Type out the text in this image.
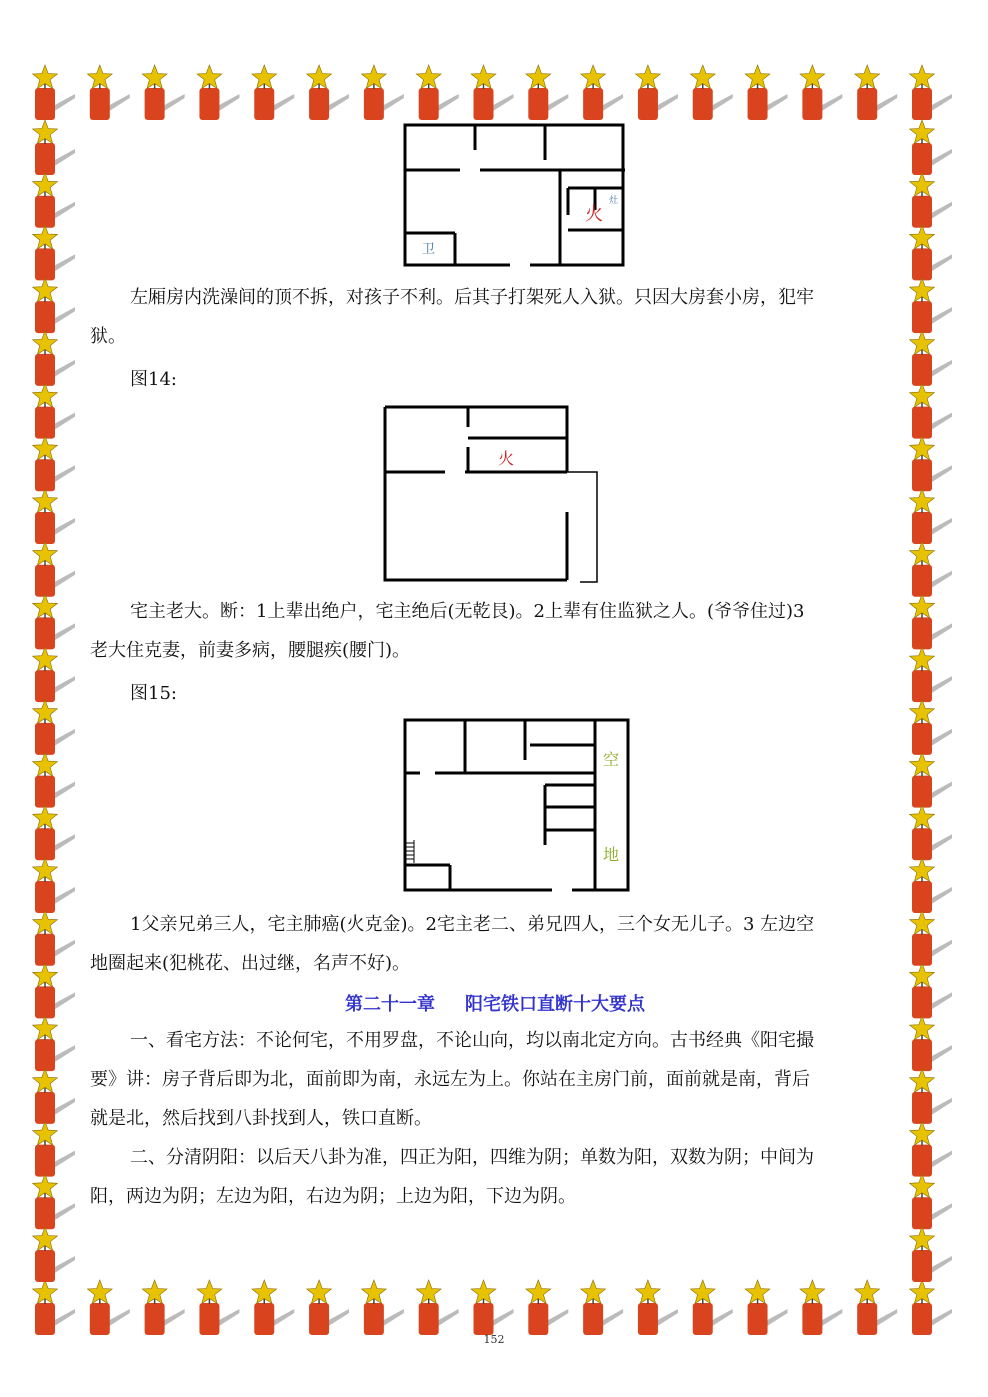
火
卫
灶

左厢房内洗澡间的顶不拆，对孩子不利。后其子打架死人入狱。只因大房套小房，犯牢
狱。

图14:

火

宅主老大。断：1上辈出绝户，宅主绝后(无乾艮)。2上辈有住监狱之人。(爷爷住过)3
老大住克妻，前妻多病，腰腿疾(腰门)。

图15:

空
地

1父亲兄弟三人，宅主肺癌(火克金)。2宅主老二、弟兄四人，三个女无儿子。3 左边空
地圈起来(犯桃花、出过继，名声不好)。

第二十一章 阳宅铁口直断十大要点

一、看宅方法：不论何宅，不用罗盘，不论山向，均以南北定方向。古书经典《阳宅撮
要》讲：房子背后即为北，面前即为南，永远左为上。你站在主房门前，面前就是南，背后
就是北，然后找到八卦找到人，铁口直断。

二、分清阴阳：以后天八卦为准，四正为阳，四维为阴；单数为阳，双数为阴；中间为
阳，两边为阴；左边为阳，右边为阴；上边为阳，下边为阴。

152
